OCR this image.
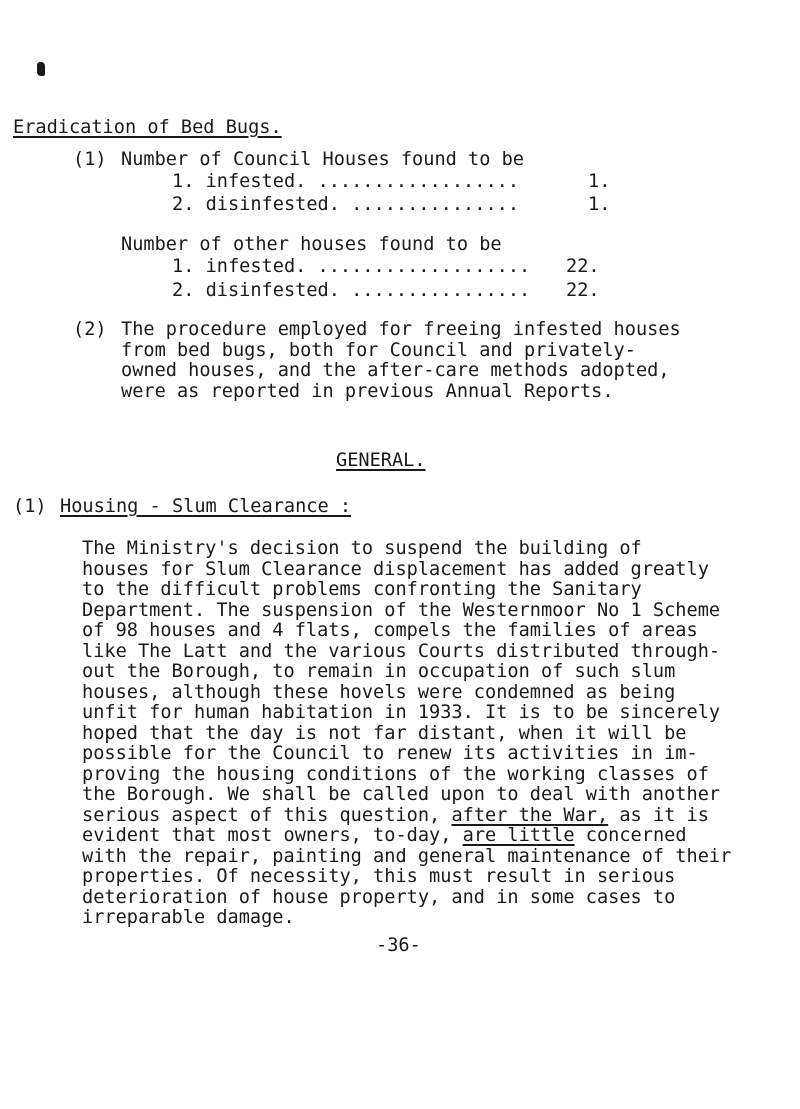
Eradication of Bed Bugs.
(1) Number of Council Houses found to be
1. infested. ..................	1.
2. disinfested. ...............	1.
Number of other houses found to be
1. infested. ................... 22.
2. disinfested. ................ 22.
(2) The procedure employed for freeing infested houses
from bed bugs, both for Council and privately-
owned houses, and the after-care methods adopted,
were as reported in previous Annual Reports.
GENERAL.
(1) Housing - Slum Clearance :
The Ministry's decision to suspend the building of
houses for Slum Clearance displacement has added greatly
to the difficult problems confronting the Sanitary
Department. The suspension of the Westernmoor No 1 Scheme
of 98 houses and 4 flats, compels the families of areas
like The Latt and the various Courts distributed through-
out the Borough, to remain in occupation of such slum
houses, although these hovels were condemned as being
unfit for human habitation in 1933. It is to be sincerely
hoped that the day is not far distant, when it will be
possible for the Council to renew its activities in im-
proving the housing conditions of the working classes of
the Borough. We shall be called upon to deal with another
serious aspect of this question, after the War, as it is
evident that most owners, to-day, are little concerned
with the repair, painting and general maintenance of their
properties. Of necessity, this must result in serious
deterioration of house property, and in some cases to
irreparable damage.
-36-
